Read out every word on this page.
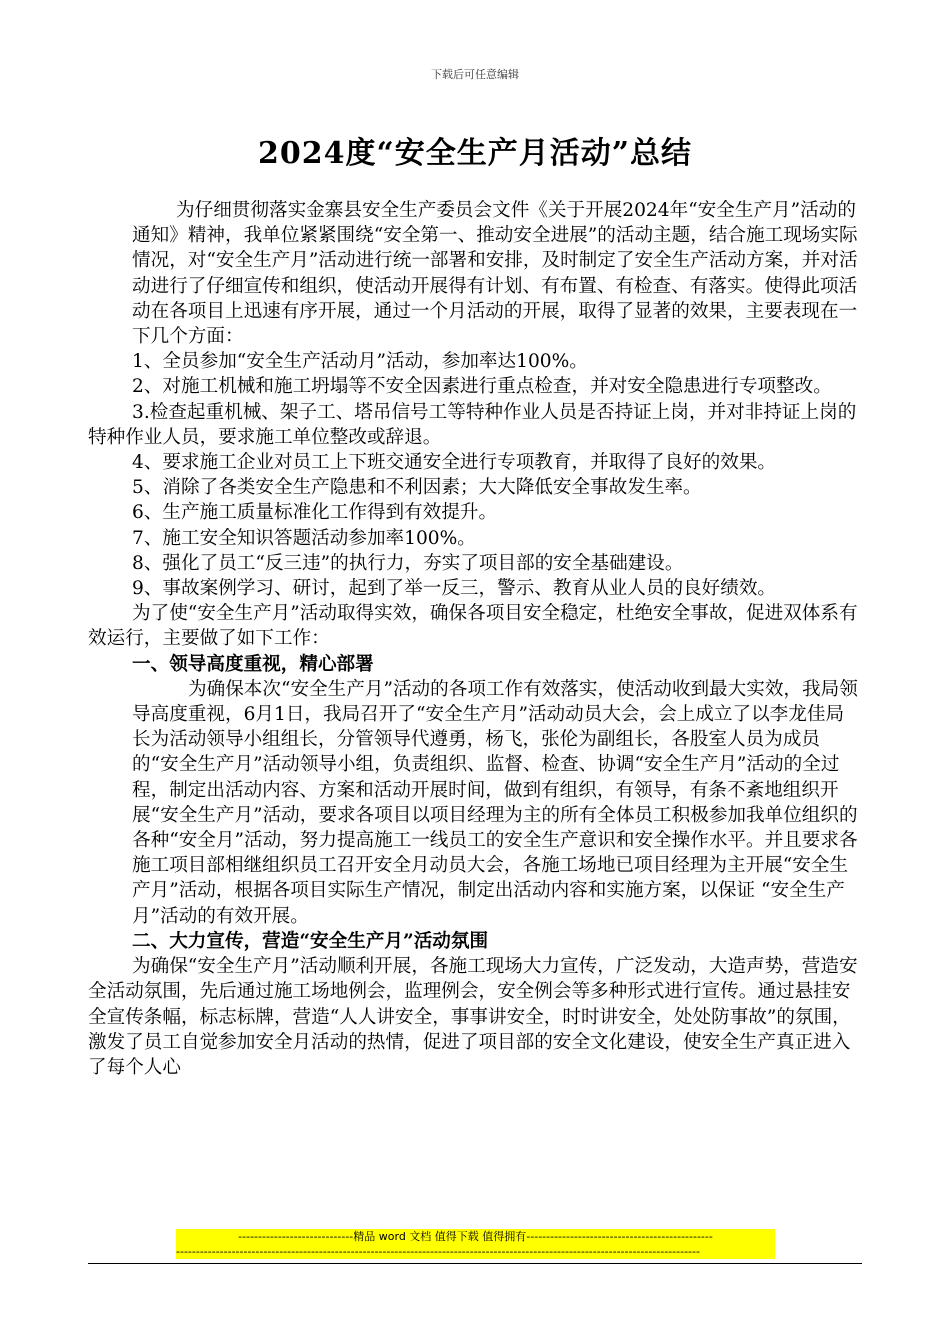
下载后可任意编辑
2024度“安全生产月活动”总结

为仔细贯彻落实金寨县安全生产委员会文件《关于开展2024年“安全生产月”活动的通知》精神，我单位紧紧围绕“安全第一、推动安全进展”的活动主题，结合施工现场实际情况，对“安全生产月”活动进行统一部署和安排，及时制定了安全生产活动方案，并对活动进行了仔细宣传和组织，使活动开展得有计划、有布置、有检查、有落实。使得此项活动在各项目上迅速有序开展，通过一个月活动的开展，取得了显著的效果，主要表现在一下几个方面：

1、全员参加“安全生产活动月”活动，参加率达100%。

2、对施工机械和施工坍塌等不安全因素进行重点检查，并对安全隐患进行专项整改。

3.检查起重机械、架子工、塔吊信号工等特种作业人员是否持证上岗，并对非持证上岗的特种作业人员，要求施工单位整改或辞退。

4、要求施工企业对员工上下班交通安全进行专项教育，并取得了良好的效果。

5、消除了各类安全生产隐患和不利因素；大大降低安全事故发生率。

6、生产施工质量标准化工作得到有效提升。

7、施工安全知识答题活动参加率100%。

8、强化了员工“反三违”的执行力，夯实了项目部的安全基础建设。

9、事故案例学习、研讨，起到了举一反三，警示、教育从业人员的良好绩效。

为了使“安全生产月”活动取得实效，确保各项目安全稳定，杜绝安全事故，促进双体系有效运行，主要做了如下工作：

一、领导高度重视，精心部署

为确保本次“安全生产月”活动的各项工作有效落实，使活动收到最大实效，我局领导高度重视，6月1日，我局召开了“安全生产月”活动动员大会，会上成立了以李龙佳局长为活动领导小组组长，分管领导代遵勇，杨飞，张伦为副组长，各股室人员为成员的“安全生产月”活动领导小组，负责组织、监督、检查、协调“安全生产月”活动的全过程，制定出活动内容、方案和活动开展时间，做到有组织，有领导，有条不紊地组织开展“安全生产月”活动，要求各项目以项目经理为主的所有全体员工积极参加我单位组织的各种“安全月”活动，努力提高施工一线员工的安全生产意识和安全操作水平。并且要求各施工项目部相继组织员工召开安全月动员大会，各施工场地已项目经理为主开展“安全生产月”活动，根据各项目实际生产情况，制定出活动内容和实施方案，以保证 “安全生产月”活动的有效开展。

二、大力宣传，营造“安全生产月”活动氛围

为确保“安全生产月”活动顺利开展，各施工现场大力宣传，广泛发动，大造声势，营造安全活动氛围，先后通过施工场地例会，监理例会，安全例会等多种形式进行宣传。通过悬挂安全宣传条幅，标志标牌，营造“人人讲安全，事事讲安全，时时讲安全，处处防事故”的氛围，激发了员工自觉参加安全月活动的热情，促进了项目部的安全文化建设，使安全生产真正进入了每个人心

-----------------------------精品 word 文档 值得下载 值得拥有-----------------------------------------------
------------------------------------------------------------------------------------------------------------------------------------
